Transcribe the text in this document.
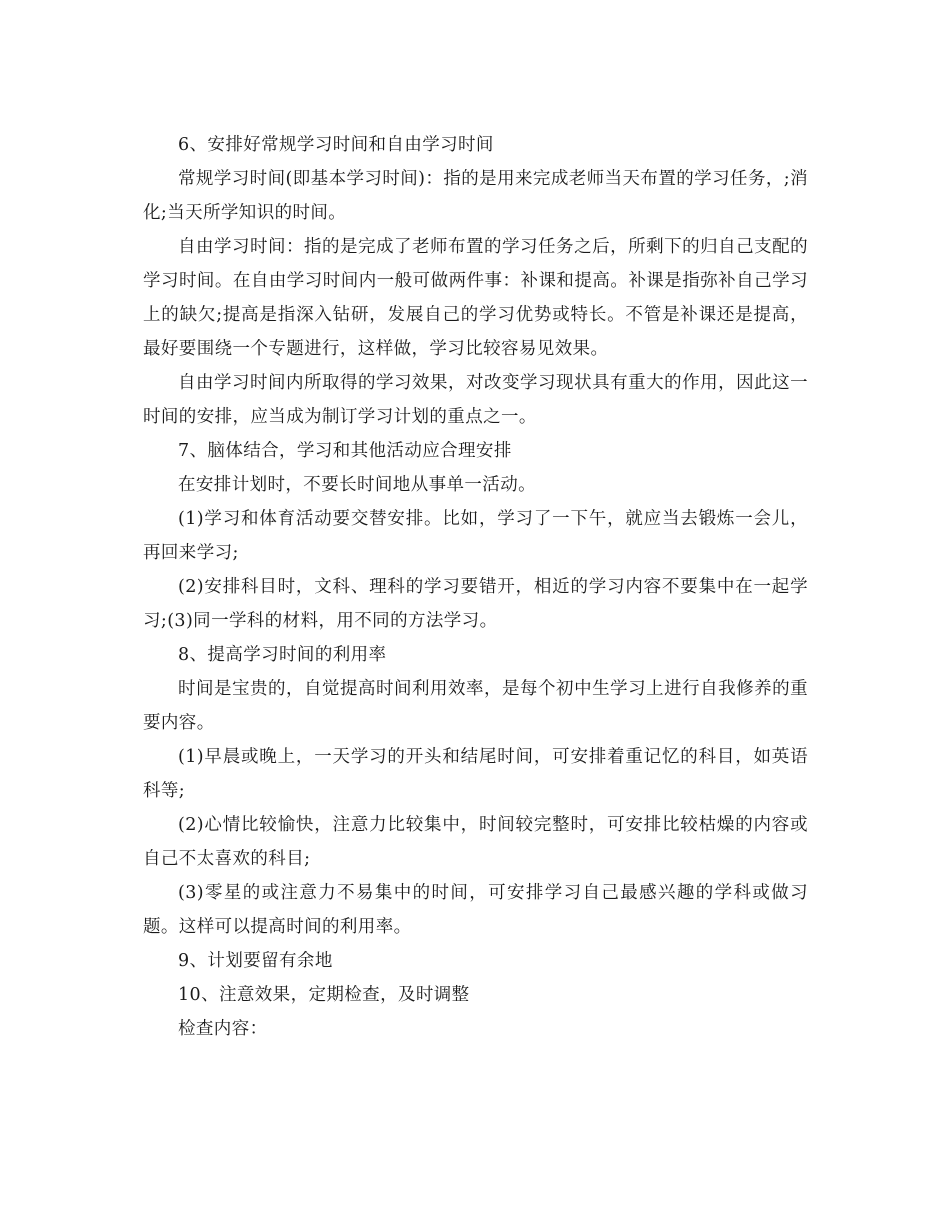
6、安排好常规学习时间和自由学习时间

常规学习时间(即基本学习时间)：指的是用来完成老师当天布置的学习任务，;消化;当天所学知识的时间。

自由学习时间：指的是完成了老师布置的学习任务之后，所剩下的归自己支配的学习时间。在自由学习时间内一般可做两件事：补课和提高。补课是指弥补自己学习上的缺欠;提高是指深入钻研，发展自己的学习优势或特长。不管是补课还是提高，最好要围绕一个专题进行，这样做，学习比较容易见效果。

自由学习时间内所取得的学习效果，对改变学习现状具有重大的作用，因此这一时间的安排，应当成为制订学习计划的重点之一。

7、脑体结合，学习和其他活动应合理安排

在安排计划时，不要长时间地从事单一活动。

(1)学习和体育活动要交替安排。比如，学习了一下午，就应当去锻炼一会儿，再回来学习;

(2)安排科目时，文科、理科的学习要错开，相近的学习内容不要集中在一起学习;(3)同一学科的材料，用不同的方法学习。

8、提高学习时间的利用率

时间是宝贵的，自觉提高时间利用效率，是每个初中生学习上进行自我修养的重要内容。

(1)早晨或晚上，一天学习的开头和结尾时间，可安排着重记忆的科目，如英语科等;

(2)心情比较愉快，注意力比较集中，时间较完整时，可安排比较枯燥的内容或自己不太喜欢的科目;

(3)零星的或注意力不易集中的时间，可安排学习自己最感兴趣的学科或做习题。这样可以提高时间的利用率。

9、计划要留有余地

10、注意效果，定期检查，及时调整

检查内容：
